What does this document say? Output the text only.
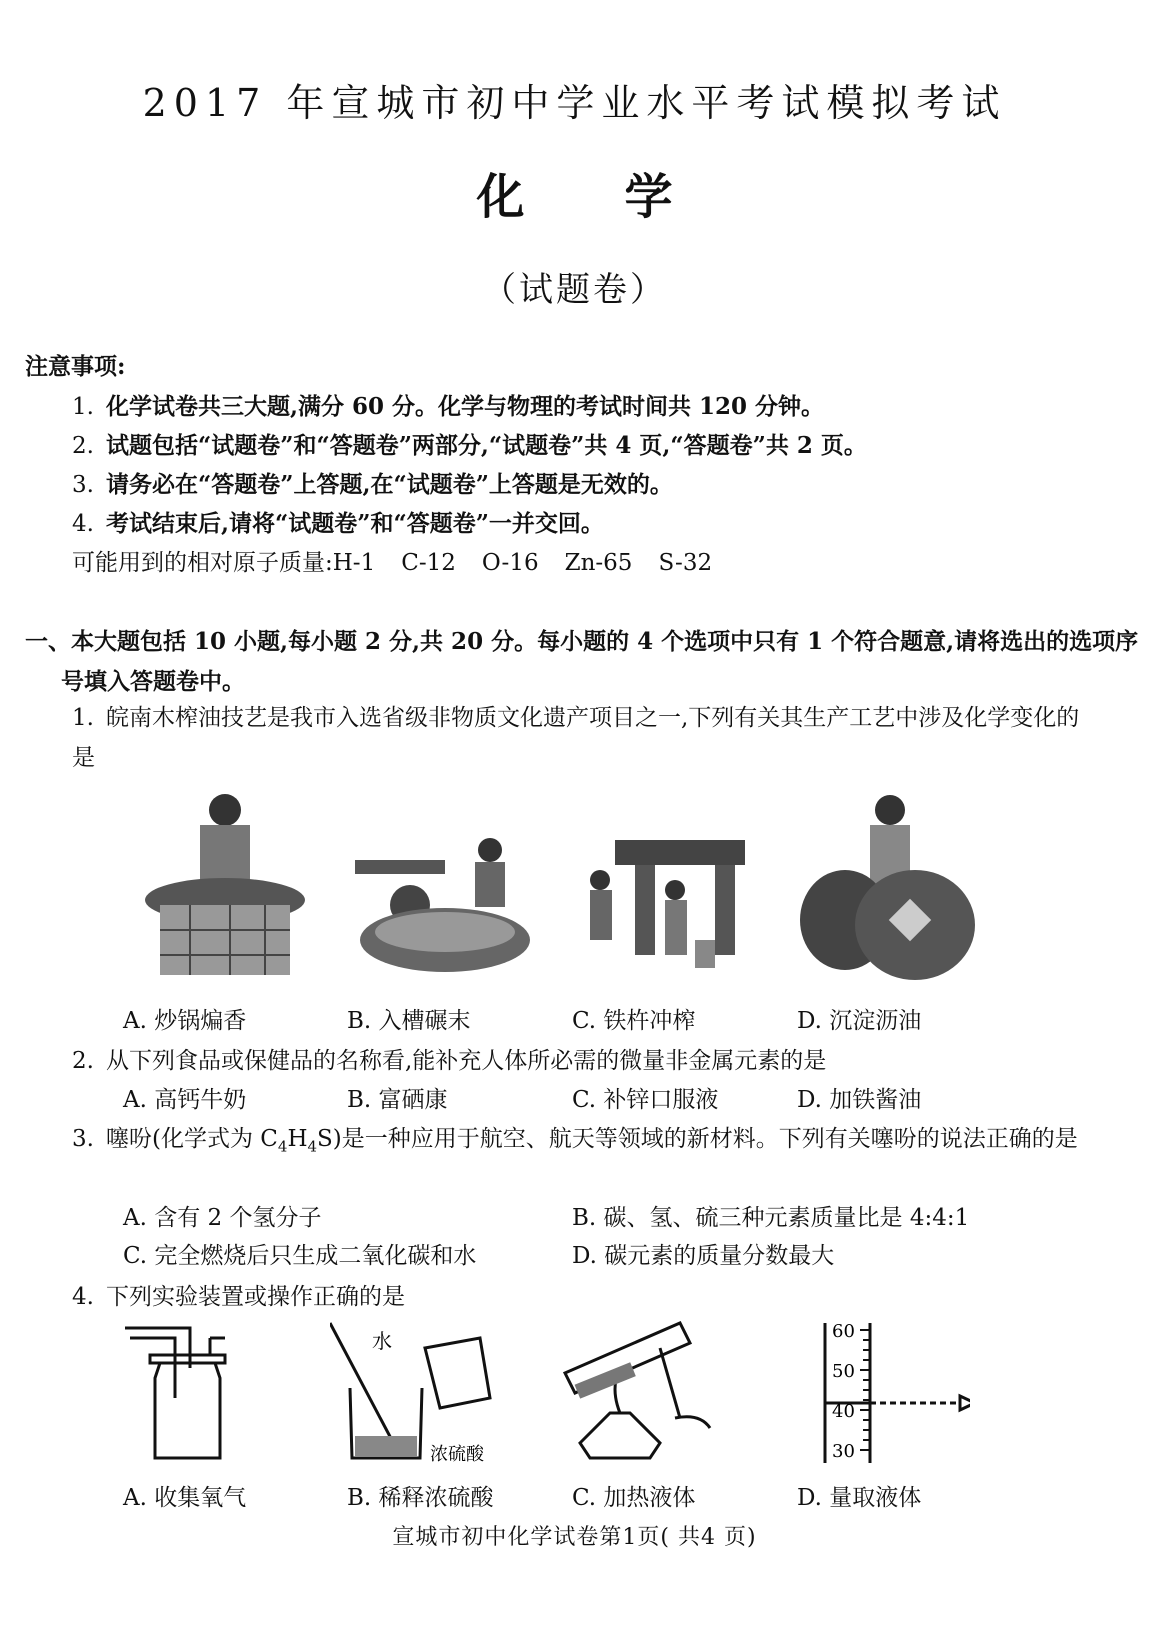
2017 年宣城市初中学业水平考试模拟考试
化学
（试题卷）
注意事项:
1. 化学试卷共三大题,满分 60 分。化学与物理的考试时间共 120 分钟。
2. 试题包括“试题卷”和“答题卷”两部分,“试题卷”共 4 页,“答题卷”共 2 页。
3. 请务必在“答题卷”上答题,在“试题卷”上答题是无效的。
4. 考试结束后,请将“试题卷”和“答题卷”一并交回。
可能用到的相对原子质量:H-1 C-12 O-16 Zn-65 S-32
一、本大题包括 10 小题,每小题 2 分,共 20 分。每小题的 4 个选项中只有 1 个符合题意,请将选出的选项序号填入答题卷中。
1. 皖南木榨油技艺是我市入选省级非物质文化遗产项目之一,下列有关其生产工艺中涉及化学变化的是
A. 炒锅煸香	B. 入槽碾末	C. 铁杵冲榨	D. 沉淀沥油
2. 从下列食品或保健品的名称看,能补充人体所必需的微量非金属元素的是
A. 高钙牛奶	B. 富硒康	C. 补锌口服液	D. 加铁酱油
3. 噻吩(化学式为 $C_4H_4S$)是一种应用于航空、航天等领域的新材料。下列有关噻吩的说法正确的是
A. 含有 2 个氢分子	B. 碳、氢、硫三种元素质量比是 4:4:1
C. 完全燃烧后只生成二氧化碳和水	D. 碳元素的质量分数最大
4. 下列实验装置或操作正确的是
水
浓硫酸
60
50
40
30
A. 收集氧气	B. 稀释浓硫酸	C. 加热液体	D. 量取液体
宣城市初中化学试卷第1页( 共4 页)
